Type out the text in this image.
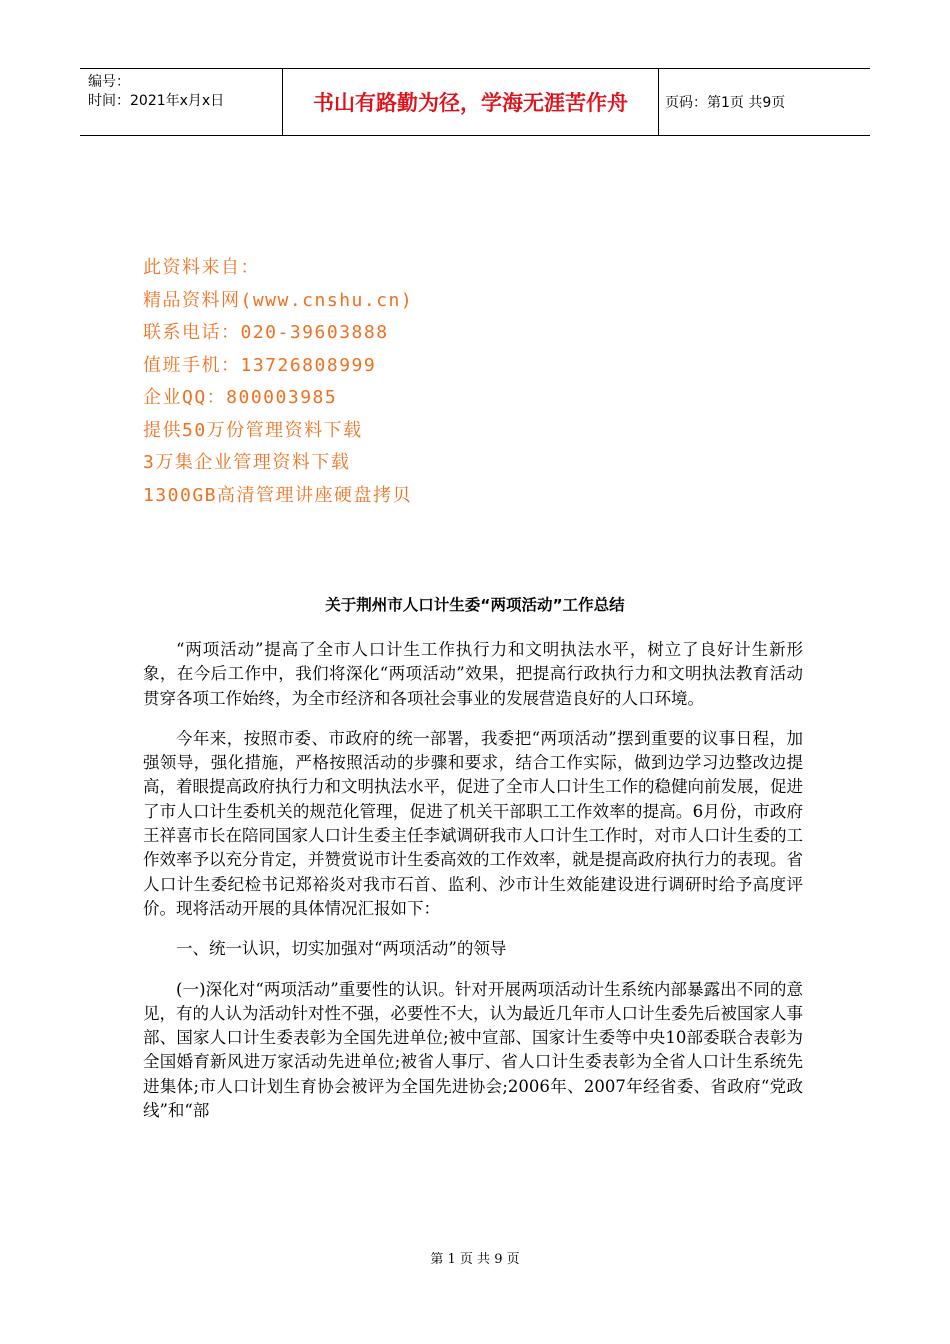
编号：
时间：2021年x月x日	书山有路勤为径，学海无涯苦作舟	页码：第1页 共9页
此资料来自：
精品资料网(www.cnshu.cn)
联系电话：020-39603888
值班手机：13726808999
企业QQ：800003985
提供50万份管理资料下载
3万集企业管理资料下载
1300GB高清管理讲座硬盘拷贝
关于荆州市人口计生委“两项活动”工作总结

“两项活动”提高了全市人口计生工作执行力和文明执法水平，树立了良好计生新形象，在今后工作中，我们将深化“两项活动”效果，把提高行政执行力和文明执法教育活动贯穿各项工作始终，为全市经济和各项社会事业的发展营造良好的人口环境。

今年来，按照市委、市政府的统一部署，我委把“两项活动”摆到重要的议事日程，加强领导，强化措施，严格按照活动的步骤和要求，结合工作实际，做到边学习边整改边提高，着眼提高政府执行力和文明执法水平，促进了全市人口计生工作的稳健向前发展，促进了市人口计生委机关的规范化管理，促进了机关干部职工工作效率的提高。6月份，市政府王祥喜市长在陪同国家人口计生委主任李斌调研我市人口计生工作时，对市人口计生委的工作效率予以充分肯定，并赞赏说市计生委高效的工作效率，就是提高政府执行力的表现。省人口计生委纪检书记郑裕炎对我市石首、监利、沙市计生效能建设进行调研时给予高度评价。现将活动开展的具体情况汇报如下：

一、统一认识，切实加强对“两项活动”的领导

(一)深化对“两项活动”重要性的认识。针对开展两项活动计生系统内部暴露出不同的意见，有的人认为活动针对性不强，必要性不大，认为最近几年市人口计生委先后被国家人事部、国家人口计生委表彰为全国先进单位;被中宣部、国家计生委等中央10部委联合表彰为全国婚育新风进万家活动先进单位;被省人事厅、省人口计生委表彰为全省人口计生系统先进集体;市人口计划生育协会被评为全国先进协会;2006年、2007年经省委、省政府“党政线”和“部

第 1 页 共 9 页
